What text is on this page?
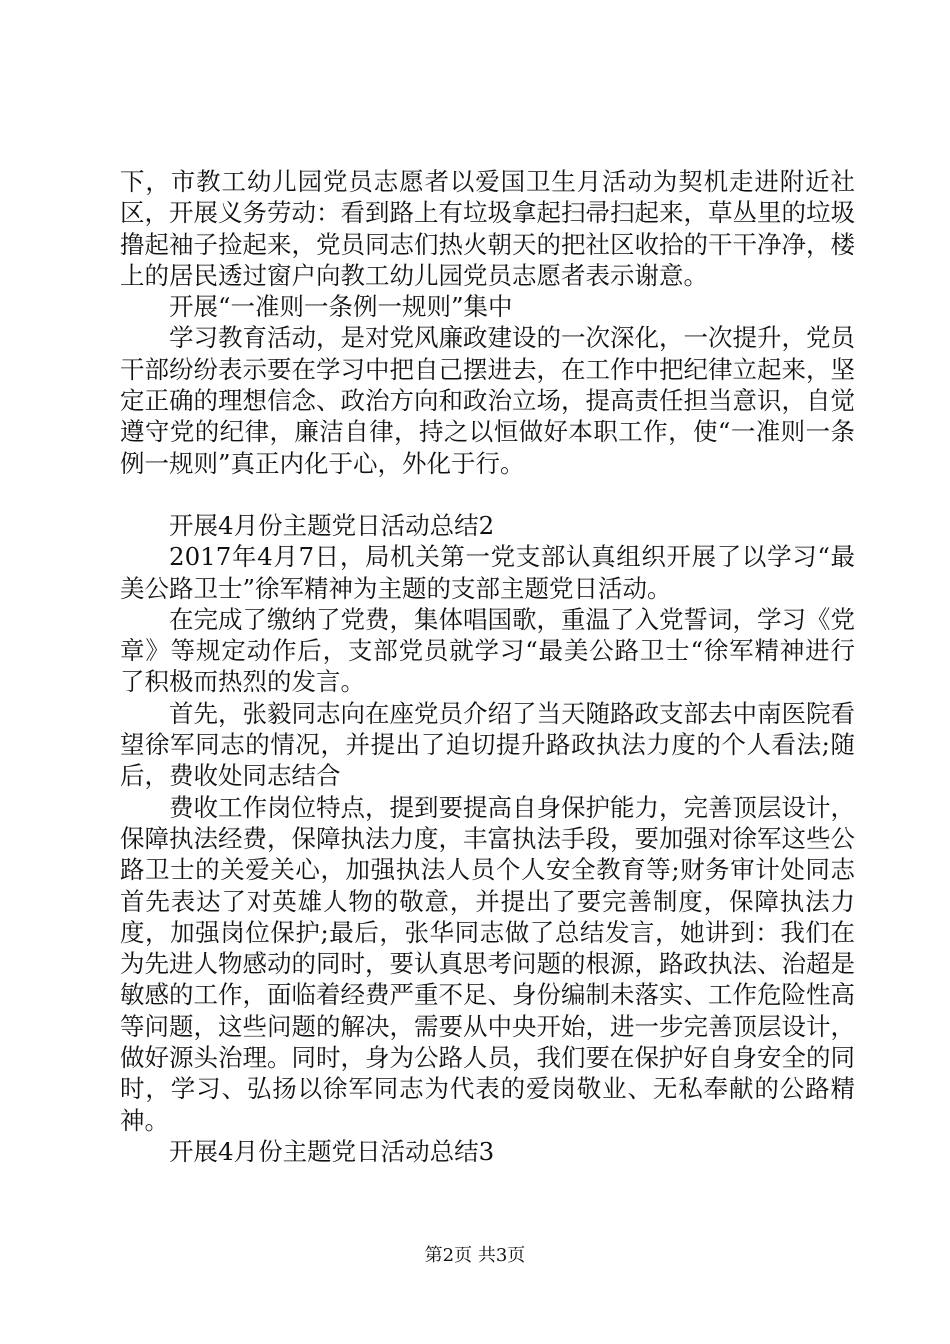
下，市教工幼儿园党员志愿者以爱国卫生月活动为契机走进附近社区，开展义务劳动：看到路上有垃圾拿起扫帚扫起来，草丛里的垃圾撸起袖子捡起来，党员同志们热火朝天的把社区收拾的干干净净，楼上的居民透过窗户向教工幼儿园党员志愿者表示谢意。

开展“一准则一条例一规则”集中

学习教育活动，是对党风廉政建设的一次深化，一次提升，党员干部纷纷表示要在学习中把自己摆进去，在工作中把纪律立起来，坚定正确的理想信念、政治方向和政治立场，提高责任担当意识，自觉遵守党的纪律，廉洁自律，持之以恒做好本职工作，使“一准则一条例一规则”真正内化于心，外化于行。

开展4月份主题党日活动总结2

2017年4月7日，局机关第一党支部认真组织开展了以学习“最美公路卫士”徐军精神为主题的支部主题党日活动。

在完成了缴纳了党费，集体唱国歌，重温了入党誓词，学习《党章》等规定动作后，支部党员就学习“最美公路卫士“徐军精神进行了积极而热烈的发言。

首先，张毅同志向在座党员介绍了当天随路政支部去中南医院看望徐军同志的情况，并提出了迫切提升路政执法力度的个人看法;随后，费收处同志结合

费收工作岗位特点，提到要提高自身保护能力，完善顶层设计，保障执法经费，保障执法力度，丰富执法手段，要加强对徐军这些公路卫士的关爱关心，加强执法人员个人安全教育等;财务审计处同志首先表达了对英雄人物的敬意，并提出了要完善制度，保障执法力度，加强岗位保护;最后，张华同志做了总结发言，她讲到：我们在为先进人物感动的同时，要认真思考问题的根源，路政执法、治超是敏感的工作，面临着经费严重不足、身份编制未落实、工作危险性高等问题，这些问题的解决，需要从中央开始，进一步完善顶层设计，做好源头治理。同时，身为公路人员，我们要在保护好自身安全的同时，学习、弘扬以徐军同志为代表的爱岗敬业、无私奉献的公路精神。

开展4月份主题党日活动总结3

第2页 共3页
